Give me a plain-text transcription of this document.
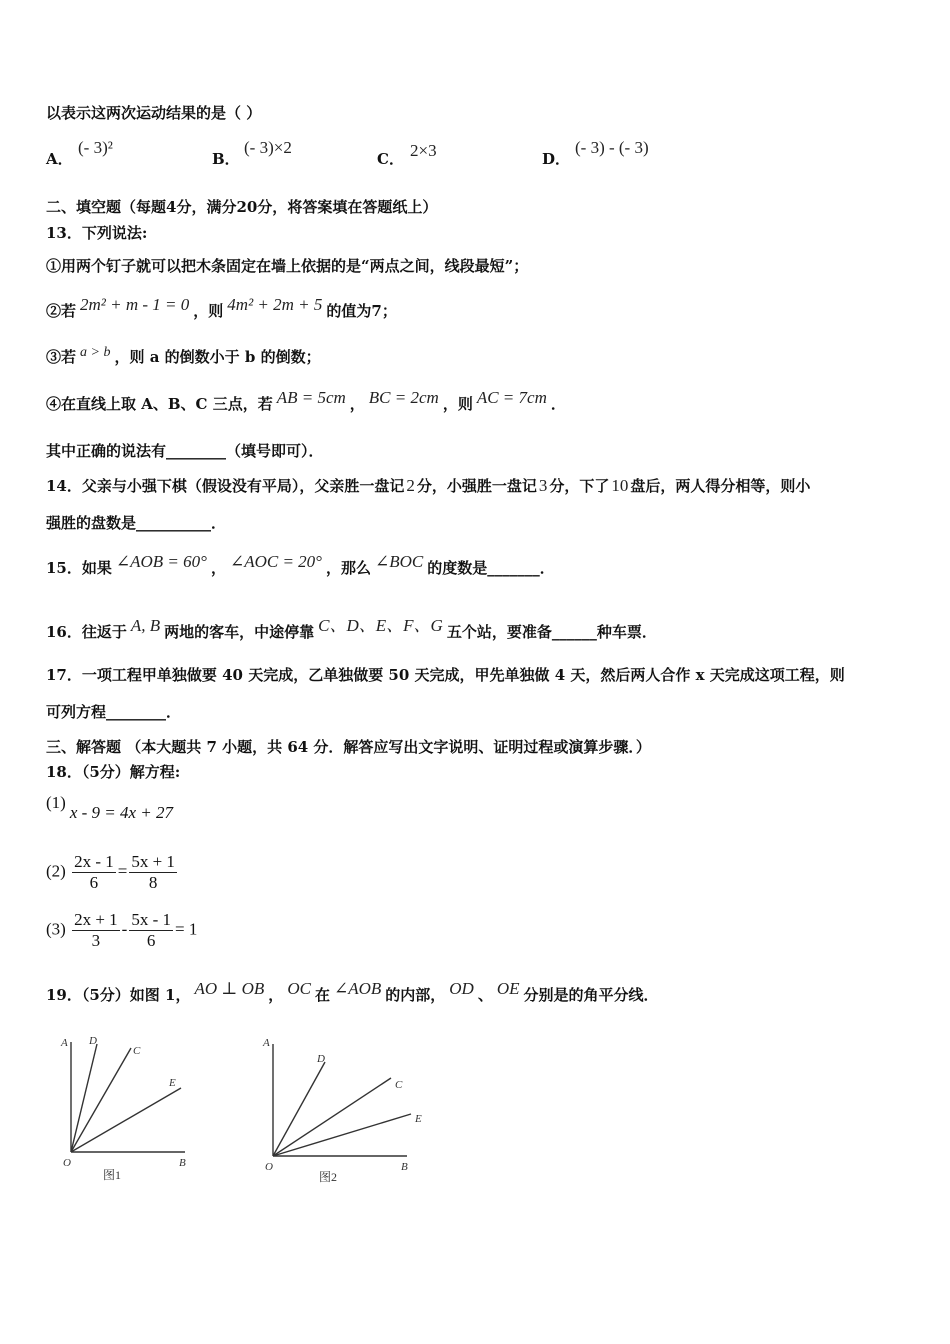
以表示这两次运动结果的是（ ）
A．
(- 3)²
B．
(- 3)×2
C． 2×3	D．
(- 3) - (- 3)
二、填空题（每题4分，满分20分，将答案填在答题纸上）
13．下列说法:
①用两个钉子就可以把木条固定在墙上依据的是“两点之间，线段最短”；
②若 2m² + m - 1 = 0 ，则 4m² + 2m + 5 的值为7；
③若 a > b ，则 a 的倒数小于 b 的倒数；
④在直线上取 A、B、C 三点，若 AB = 5cm ， BC = 2cm ，则 AC = 7cm ．
其中正确的说法有________（填号即可）．
14．父亲与小强下棋（假设没有平局），父亲胜一盘记 2 分，小强胜一盘记 3 分，下了 10 盘后，两人得分相等，则小
强胜的盘数是__________．
15．如果 ∠AOB = 60° ， ∠AOC = 20° ，那么 ∠BOC 的度数是_______．
16．往返于 A, B 两地的客车，中途停靠 C、D、E、F、G 五个站，要准备______种车票．
17．一项工程甲单独做要 40 天完成，乙单独做要 50 天完成，甲先单独做 4 天，然后两人合作 x 天完成这项工程，则
可列方程________．
三、解答题 （本大题共 7 小题，共 64 分．解答应写出文字说明、证明过程或演算步骤．）
18．（5分）解方程:
(1)x - 9 = 4x + 27
$(2) \frac{2x - 1}{6} = \frac{5x + 1}{8}$
$(3) \frac{2x + 1}{3} - \frac{5x - 1}{6} = 1$
19．（5分）如图 1， AO ⊥ OB ， OC 在 ∠AOB 的内部， OD 、 OE 分别是的角平分线．
A D
C
E
O	B
图1
A
D
C
E
O	B
图2
